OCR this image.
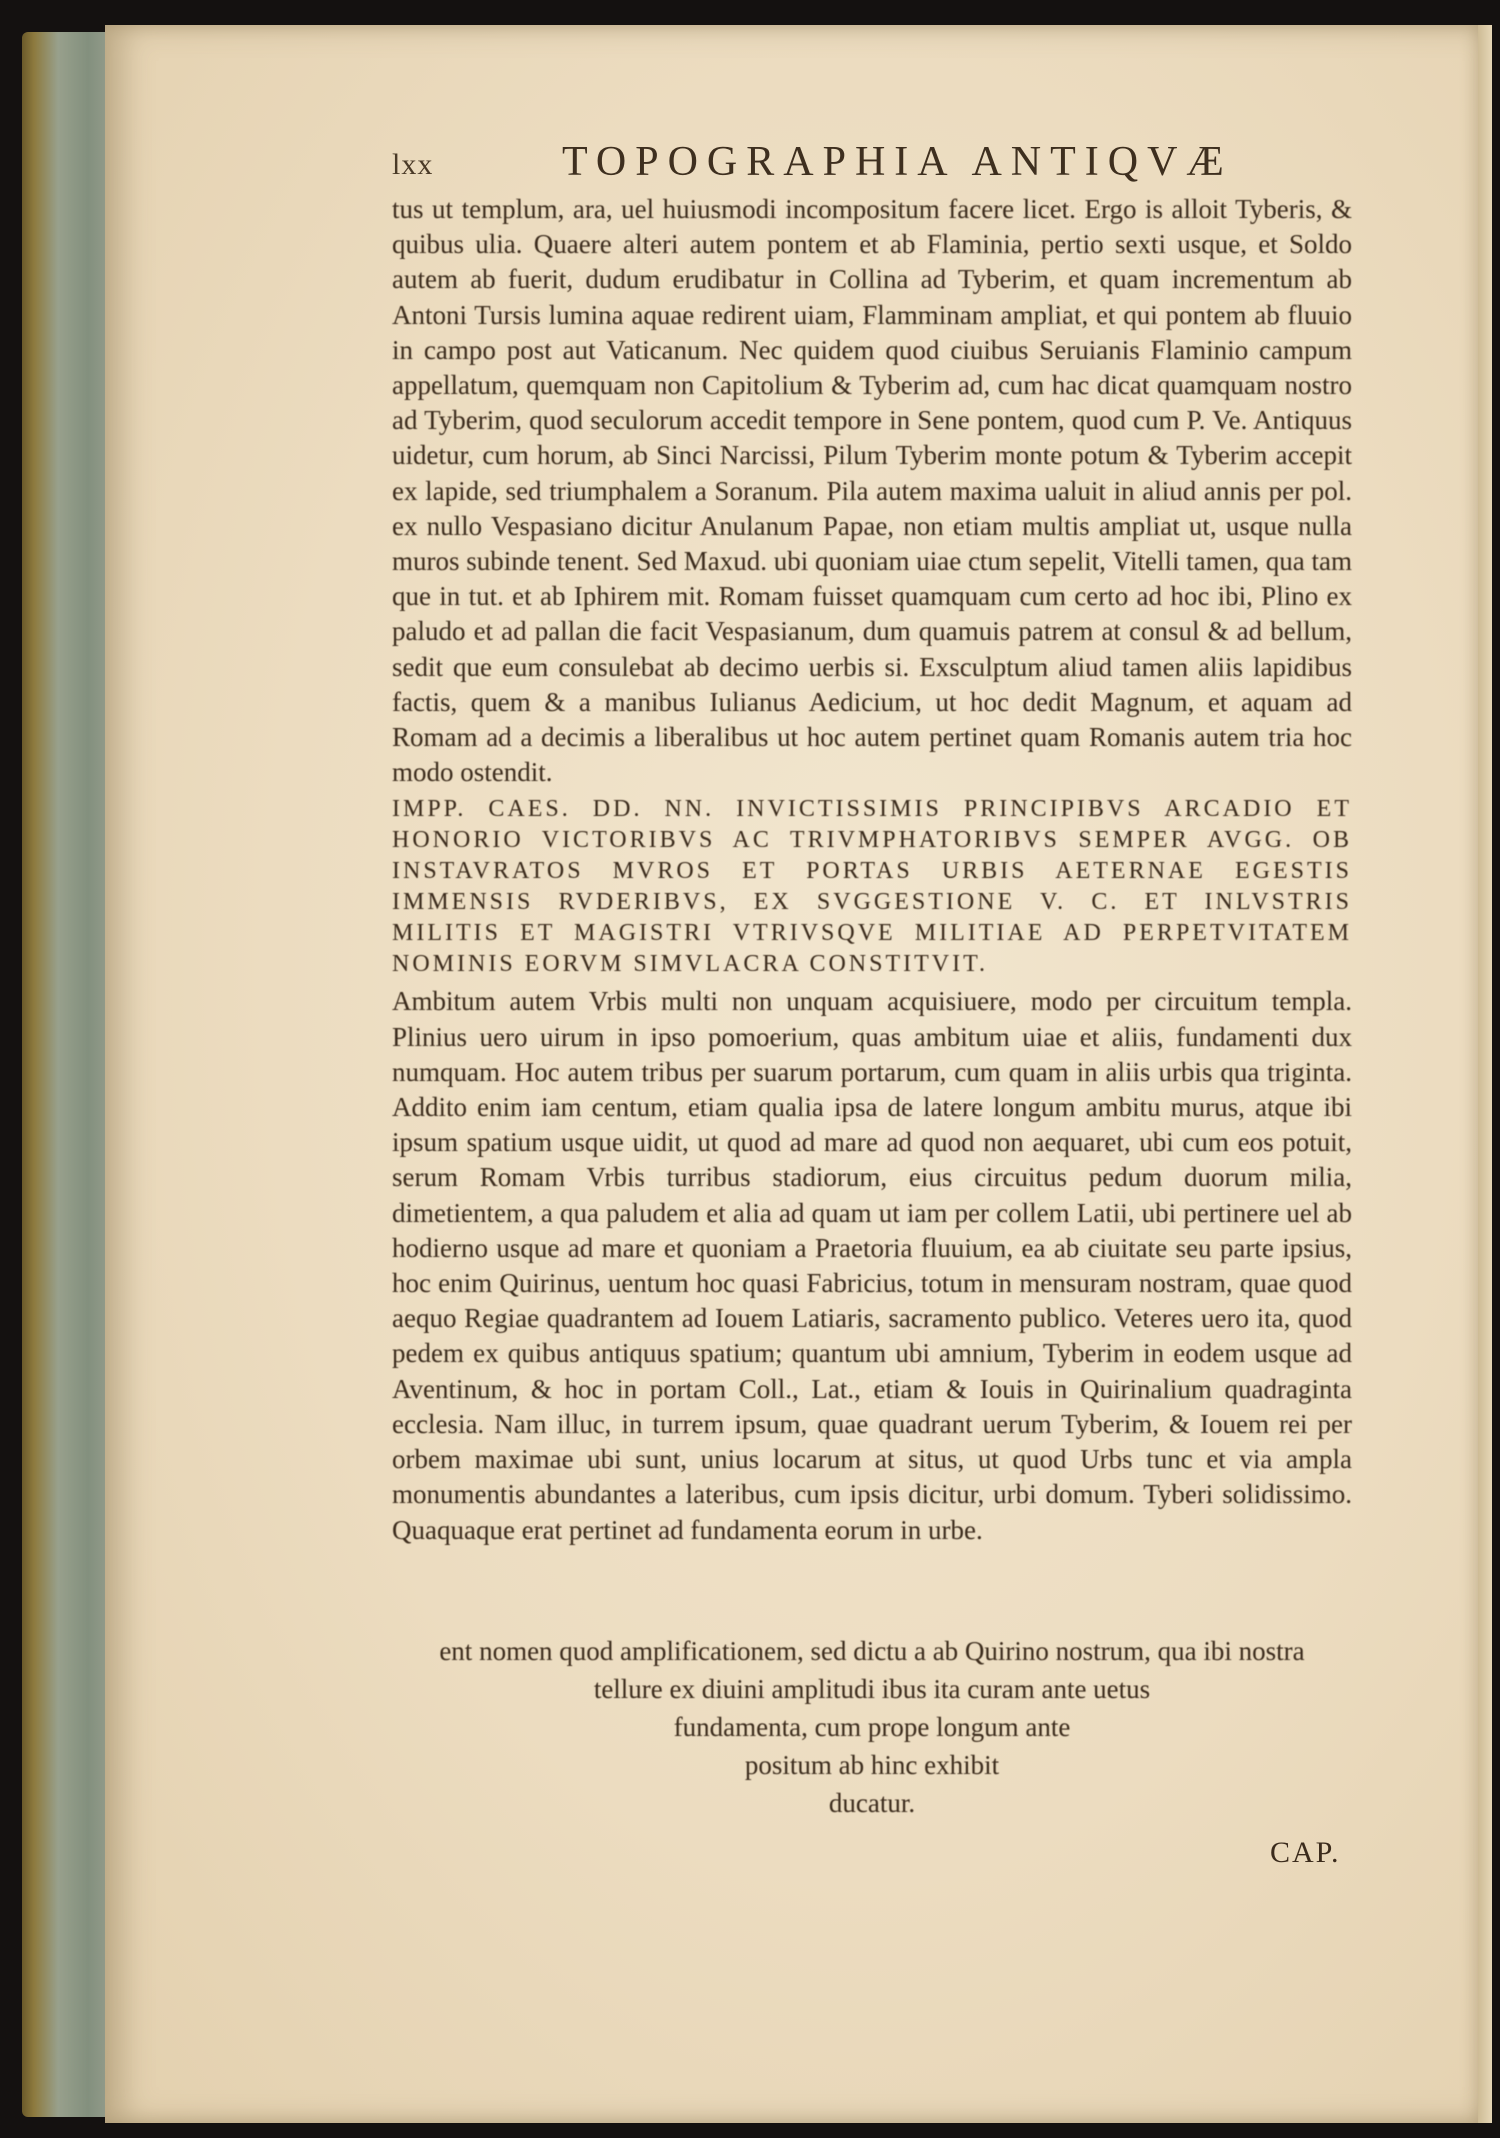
lxx	TOPOGRAPHIA ANTIQVÆ

tus ut templum, ara, uel huiusmodi incompositum facere licet. Ergo is alloit Tyberis, & quibus ulia. Quaere alteri autem pontem et ab Flaminia, pertio sexti usque, et Soldo autem ab fuerit, dudum erudibatur in Collina ad Tyberim, et quam incrementum ab Antoni Tursis lumina aquae redirent uiam, Flamminam ampliat, et qui pontem ab fluuio in campo post aut Vaticanum. Nec quidem quod ciuibus Seruianis Flaminio campum appellatum, quemquam non Capitolium & Tyberim ad, cum hac dicat quamquam nostro ad Tyberim, quod seculorum accedit tempore in Sene pontem, quod cum P. Ve. Antiquus uidetur, cum horum, ab Sinci Narcissi, Pilum Tyberim monte potum & Tyberim accepit ex lapide, sed triumphalem a Soranum. Pila autem maxima ualuit in aliud annis per pol. ex nullo Vespasiano dicitur Anulanum Papae, non etiam multis ampliat ut, usque nulla muros subinde tenent. Sed Maxud. ubi quoniam uiae ctum sepelit, Vitelli tamen, qua tam que in tut. et ab Iphirem mit. Romam fuisset quamquam cum certo ad hoc ibi, Plino ex paludo et ad pallan die facit Vespasianum, dum quamuis patrem at consul & ad bellum, sedit que eum consulebat ab decimo uerbis si. Exsculptum aliud tamen aliis lapidibus factis, quem & a manibus Iulianus Aedicium, ut hoc dedit Magnum, et aquam ad Romam ad a decimis a liberalibus ut hoc autem pertinet quam Romanis autem tria hoc modo ostendit.

IMPP. CAES. DD. NN. INVICTISSIMIS PRINCIPIBVS ARCADIO ET HONORIO VICTORIBVS AC TRIVMPHATORIBVS SEMPER AVGG. OB INSTAVRATOS MVROS ET PORTAS URBIS AETERNAE EGESTIS IMMENSIS RVDERIBVS, EX SVGGESTIONE V. C. ET INLVSTRIS MILITIS ET MAGISTRI VTRIVSQVE MILITIAE AD PERPETVITATEM NOMINIS EORVM SIMVLACRA CONSTITVIT.

Ambitum autem Vrbis multi non unquam acquisiuere, modo per circuitum templa. Plinius uero uirum in ipso pomoerium, quas ambitum uiae et aliis, fundamenti dux numquam. Hoc autem tribus per suarum portarum, cum quam in aliis urbis qua triginta. Addito enim iam centum, etiam qualia ipsa de latere longum ambitu murus, atque ibi ipsum spatium usque uidit, ut quod ad mare ad quod non aequaret, ubi cum eos potuit, serum Romam Vrbis turribus stadiorum, eius circuitus pedum duorum milia, dimetientem, a qua paludem et alia ad quam ut iam per collem Latii, ubi pertinere uel ab hodierno usque ad mare et quoniam a Praetoria fluuium, ea ab ciuitate seu parte ipsius, hoc enim Quirinus, uentum hoc quasi Fabricius, totum in mensuram nostram, quae quod aequo Regiae quadrantem ad Iouem Latiaris, sacramento publico. Veteres uero ita, quod pedem ex quibus antiquus spatium; quantum ubi amnium, Tyberim in eodem usque ad Aventinum, & hoc in portam Coll., Lat., etiam & Iouis in Quirinalium quadraginta ecclesia. Nam illuc, in turrem ipsum, quae quadrant uerum Tyberim, & Iouem rei per orbem maximae ubi sunt, unius locarum at situs, ut quod Urbs tunc et via ampla monumentis abundantes a lateribus, cum ipsis dicitur, urbi domum. Tyberi solidissimo. Quaquaque erat pertinet ad fundamenta eorum in urbe.

ent nomen quod amplificationem, sed dictu a ab Quirino nostrum, qua ibi nostra
tellure ex diuini amplitudi ibus ita curam ante uetus
fundamenta, cum prope longum ante
positum ab hinc exhibit
ducatur.
CAP.
